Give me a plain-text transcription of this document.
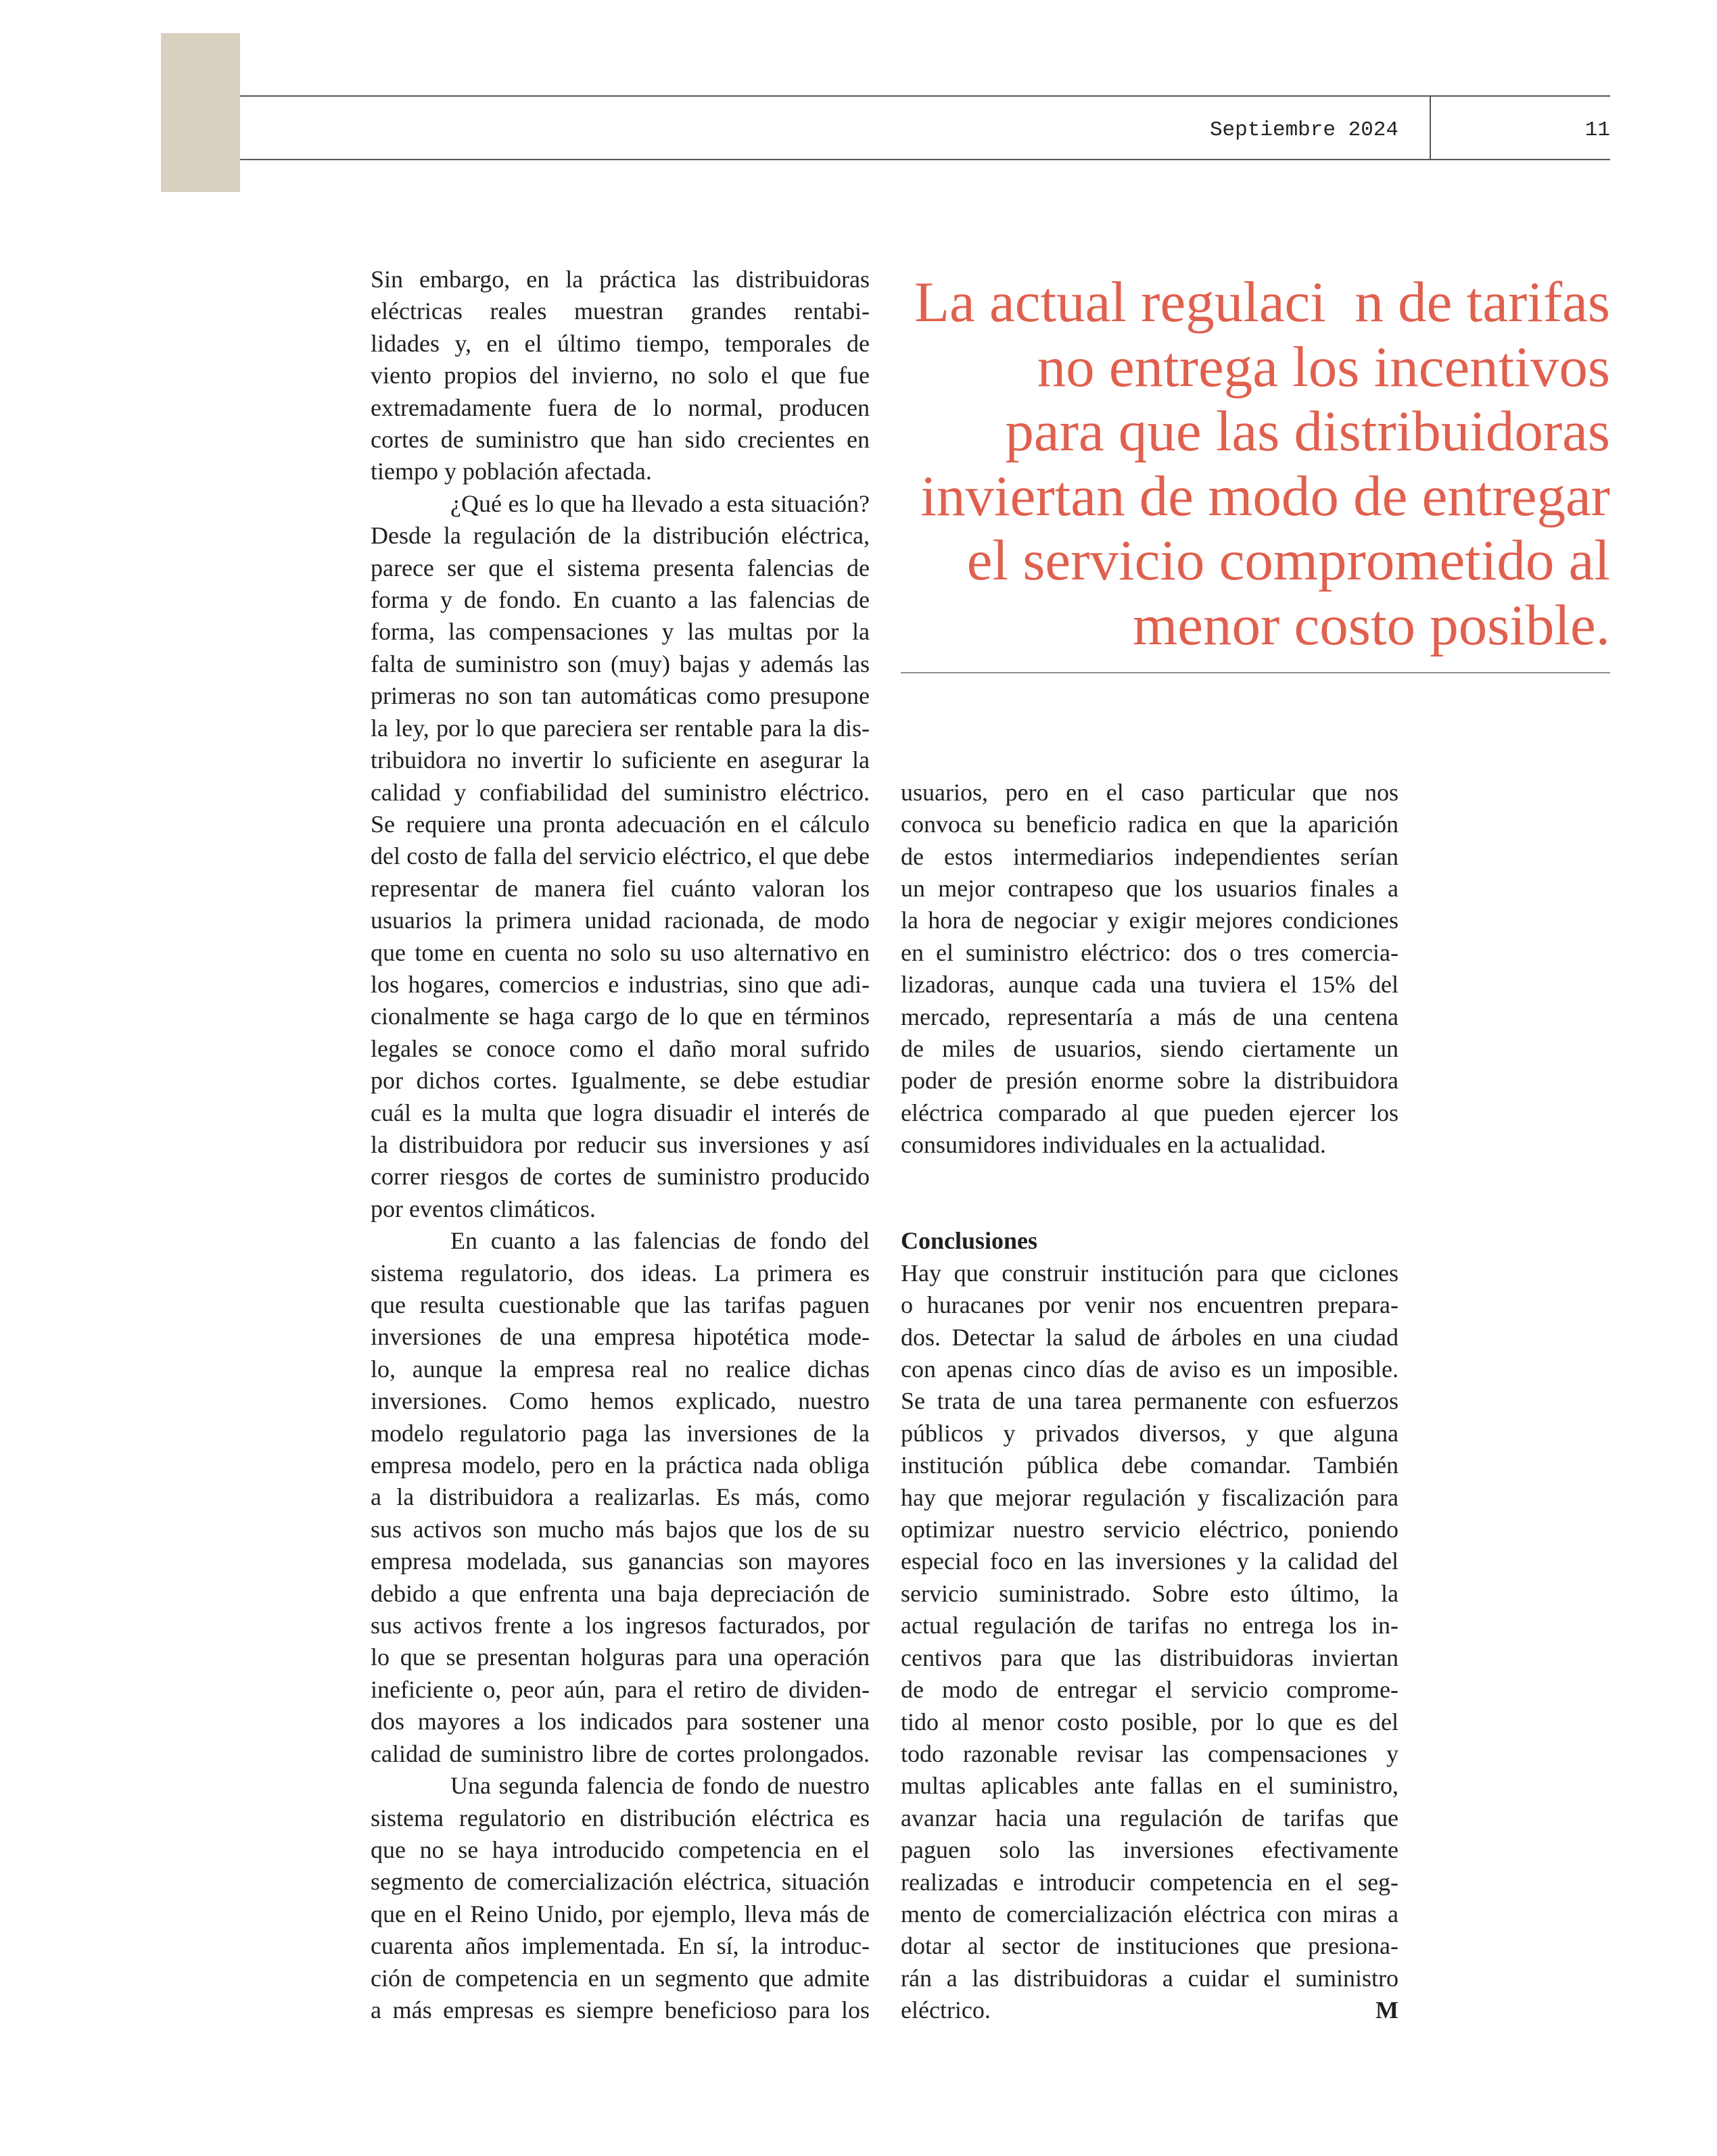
Septiembre 2024	11
La actual regulaci  n de tarifas
no entrega los incentivos
para que las distribuidoras
inviertan de modo de entregar
el servicio comprometido al
menor costo posible.
Sin embargo, en la práctica las distribuidoras
eléctricas reales muestran grandes rentabi-
lidades y, en el último tiempo, temporales de
viento propios del invierno, no solo el que fue
extremadamente fuera de lo normal, producen
cortes de suministro que han sido crecientes en
tiempo y población afectada.
¿Qué es lo que ha llevado a esta situación?
Desde la regulación de la distribución eléctrica,
parece ser que el sistema presenta falencias de
forma y de fondo. En cuanto a las falencias de
forma, las compensaciones y las multas por la
falta de suministro son (muy) bajas y además las
primeras no son tan automáticas como presupone
la ley, por lo que pareciera ser rentable para la dis-
tribuidora no invertir lo suficiente en asegurar la
calidad y confiabilidad del suministro eléctrico.
Se requiere una pronta adecuación en el cálculo
del costo de falla del servicio eléctrico, el que debe
representar de manera fiel cuánto valoran los
usuarios la primera unidad racionada, de modo
que tome en cuenta no solo su uso alternativo en
los hogares, comercios e industrias, sino que adi-
cionalmente se haga cargo de lo que en términos
legales se conoce como el daño moral sufrido
por dichos cortes. Igualmente, se debe estudiar
cuál es la multa que logra disuadir el interés de
la distribuidora por reducir sus inversiones y así
correr riesgos de cortes de suministro producido
por eventos climáticos.
En cuanto a las falencias de fondo del
sistema regulatorio, dos ideas. La primera es
que resulta cuestionable que las tarifas paguen
inversiones de una empresa hipotética mode-
lo, aunque la empresa real no realice dichas
inversiones. Como hemos explicado, nuestro
modelo regulatorio paga las inversiones de la
empresa modelo, pero en la práctica nada obliga
a la distribuidora a realizarlas. Es más, como
sus activos son mucho más bajos que los de su
empresa modelada, sus ganancias son mayores
debido a que enfrenta una baja depreciación de
sus activos frente a los ingresos facturados, por
lo que se presentan holguras para una operación
ineficiente o, peor aún, para el retiro de dividen-
dos mayores a los indicados para sostener una
calidad de suministro libre de cortes prolongados.
Una segunda falencia de fondo de nuestro
sistema regulatorio en distribución eléctrica es
que no se haya introducido competencia en el
segmento de comercialización eléctrica, situación
que en el Reino Unido, por ejemplo, lleva más de
cuarenta años implementada. En sí, la introduc-
ción de competencia en un segmento que admite
a más empresas es siempre beneficioso para los
usuarios, pero en el caso particular que nos
convoca su beneficio radica en que la aparición
de estos intermediarios independientes serían
un mejor contrapeso que los usuarios finales a
la hora de negociar y exigir mejores condiciones
en el suministro eléctrico: dos o tres comercia-
lizadoras, aunque cada una tuviera el 15% del
mercado, representaría a más de una centena
de miles de usuarios, siendo ciertamente un
poder de presión enorme sobre la distribuidora
eléctrica comparado al que pueden ejercer los
consumidores individuales en la actualidad.
Conclusiones
Hay que construir institución para que ciclones
o huracanes por venir nos encuentren prepara-
dos. Detectar la salud de árboles en una ciudad
con apenas cinco días de aviso es un imposible.
Se trata de una tarea permanente con esfuerzos
públicos y privados diversos, y que alguna
institución pública debe comandar. También
hay que mejorar regulación y fiscalización para
optimizar nuestro servicio eléctrico, poniendo
especial foco en las inversiones y la calidad del
servicio suministrado. Sobre esto último, la
actual regulación de tarifas no entrega los in-
centivos para que las distribuidoras inviertan
de modo de entregar el servicio comprome-
tido al menor costo posible, por lo que es del
todo razonable revisar las compensaciones y
multas aplicables ante fallas en el suministro,
avanzar hacia una regulación de tarifas que
paguen solo las inversiones efectivamente
realizadas e introducir competencia en el seg-
mento de comercialización eléctrica con miras a
dotar al sector de instituciones que presiona-
rán a las distribuidoras a cuidar el suministro
eléctrico.	M
